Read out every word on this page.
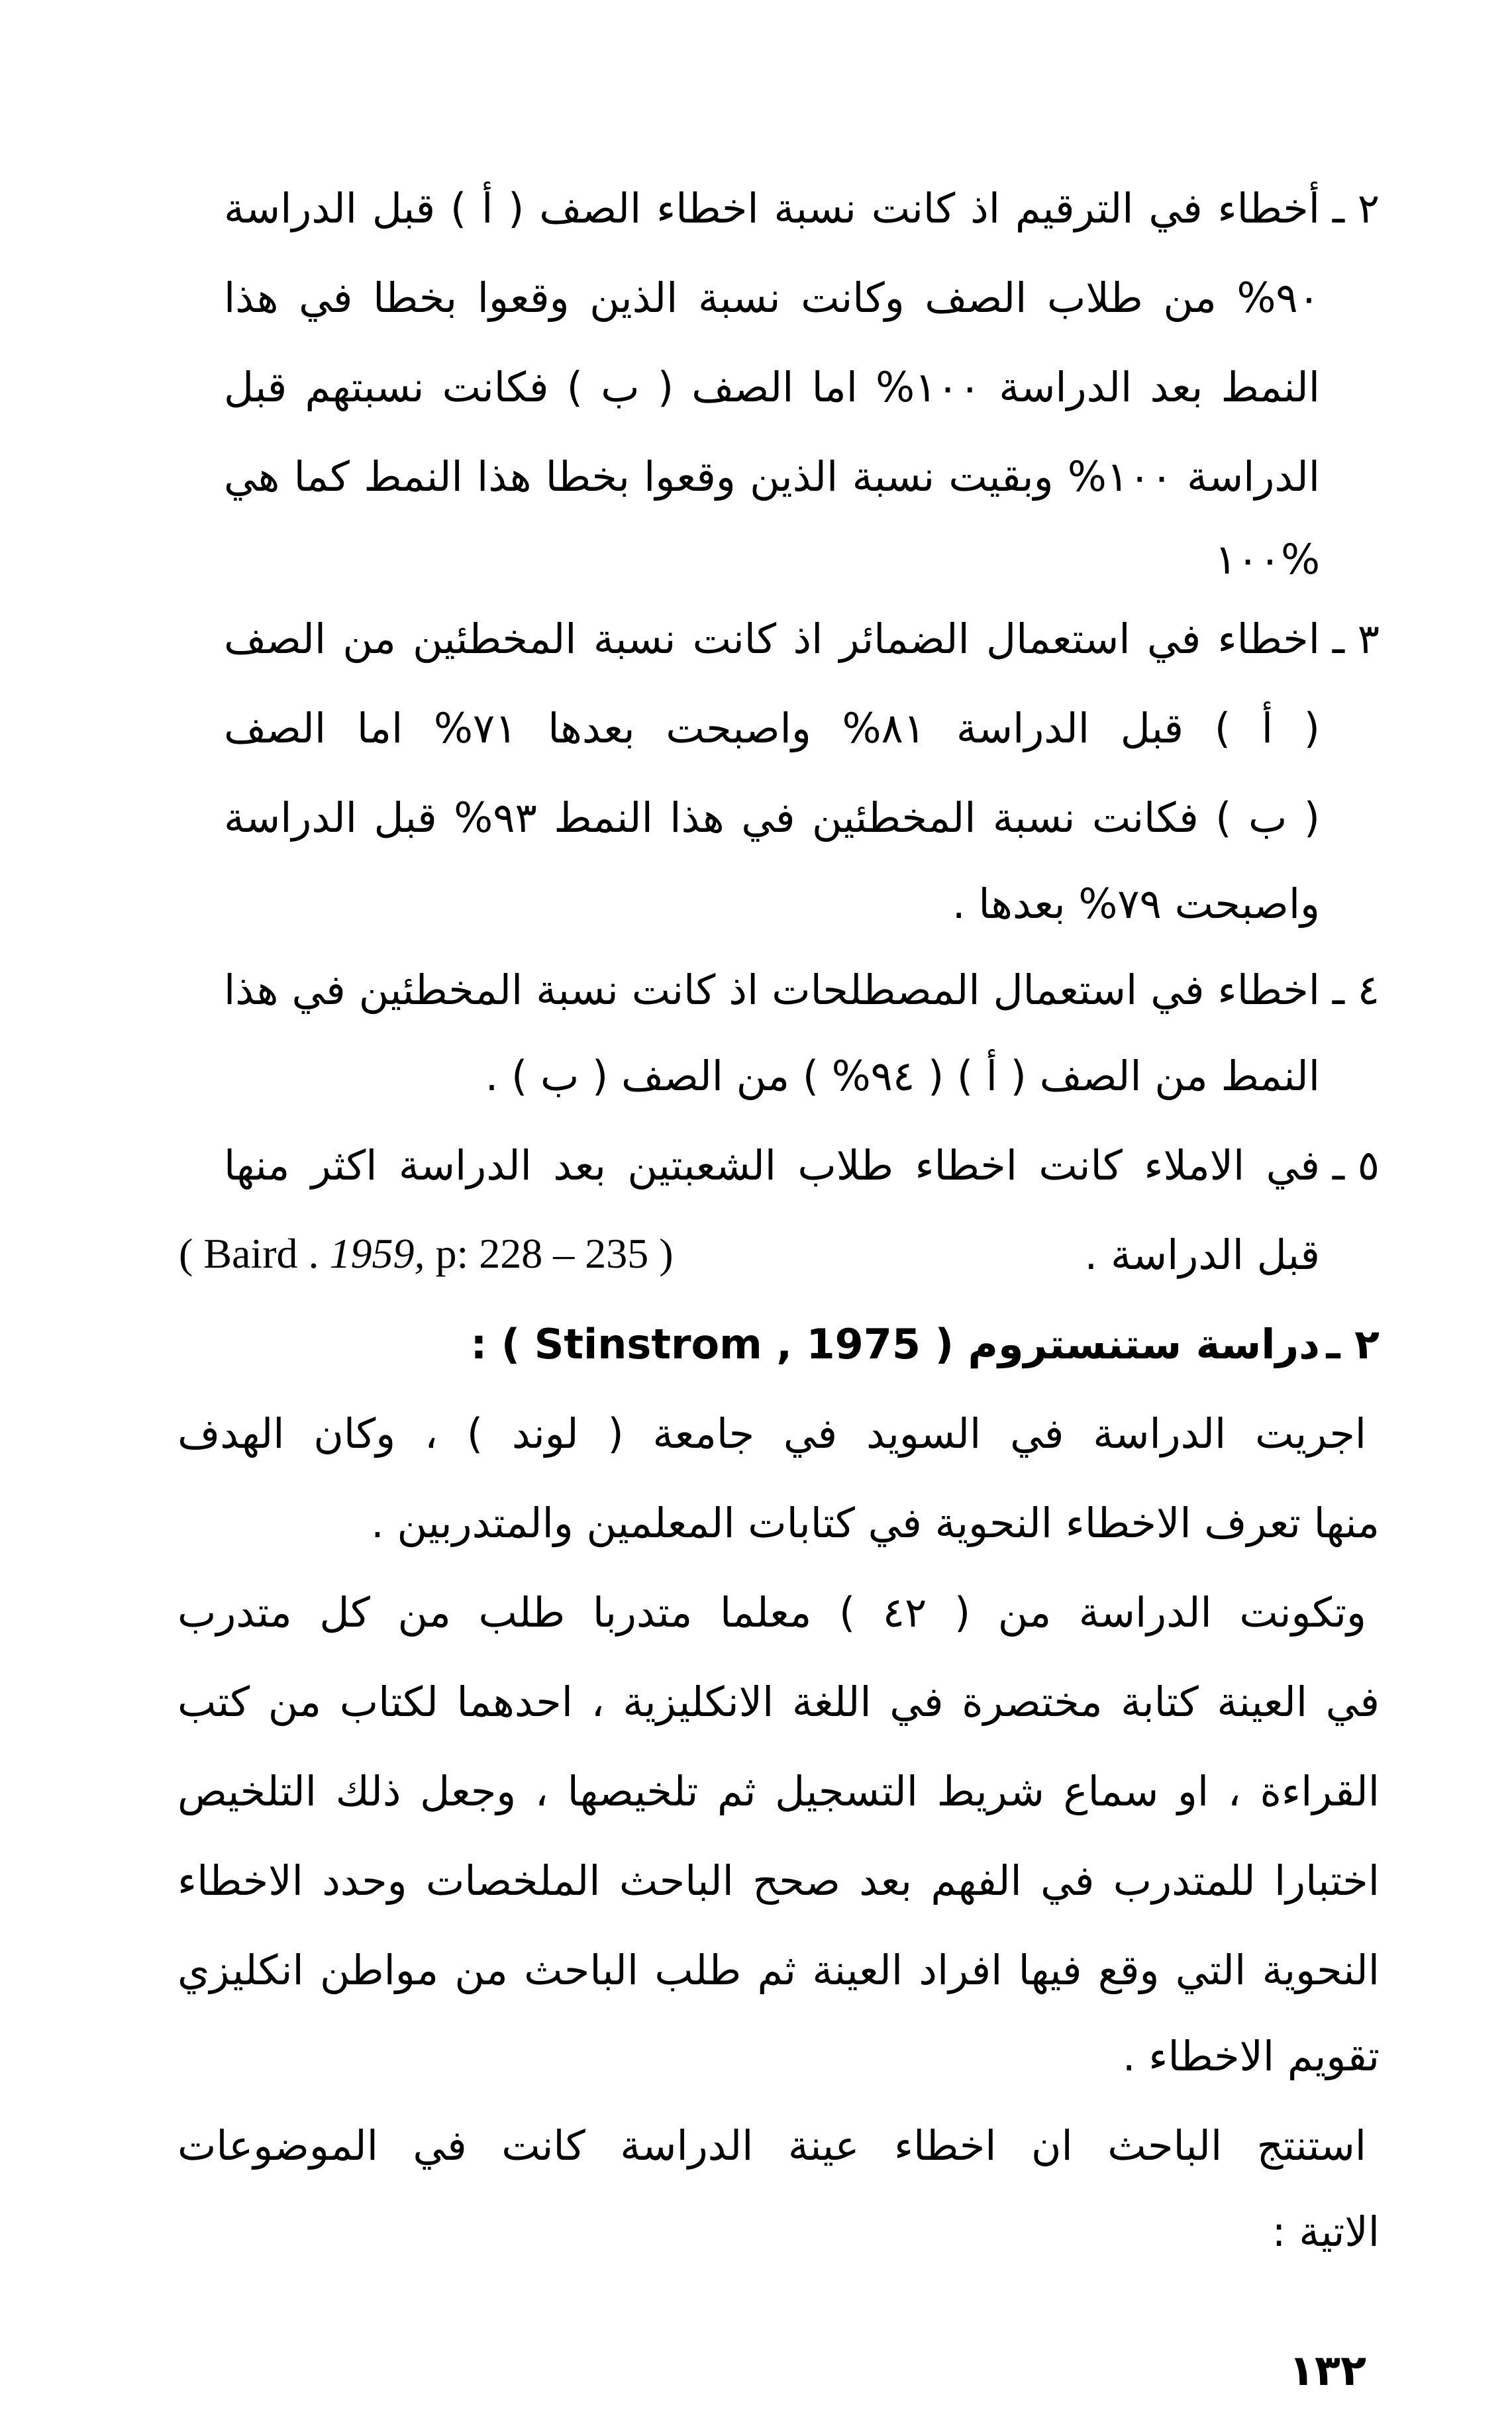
٢ ـ
أخطاء في الترقيم اذ كانت نسبة اخطاء الصف ( أ ) قبل الدراسة
٩٠% من طلاب الصف وكانت نسبة الذين وقعوا بخطا في هذا
النمط بعد الدراسة ١٠٠% اما الصف ( ب ) فكانت نسبتهم قبل
الدراسة ١٠٠% وبقيت نسبة الذين وقعوا بخطا هذا النمط كما هي
١٠٠%
٣ ـ
اخطاء في استعمال الضمائر اذ كانت نسبة المخطئين من الصف
( أ ) قبل الدراسة ٨١% واصبحت بعدها ٧١% اما الصف
( ب ) فكانت نسبة المخطئين في هذا النمط ٩٣% قبل الدراسة
واصبحت ٧٩% بعدها .
٤ ـ
اخطاء في استعمال المصطلحات اذ كانت نسبة المخطئين في هذا
النمط من الصف ( أ ) ( ٩٤% ) من الصف ( ب ) .
٥ ـ
في الاملاء كانت اخطاء طلاب الشعبتين بعد الدراسة اكثر منها
قبل الدراسة .
( Baird . 1959, p: 228 – 235 )
٢ ـ
دراسة ستنستروم ( Stinstrom , 1975 ) :
اجريت الدراسة في السويد في جامعة ( لوند ) ، وكان الهدف
منها تعرف الاخطاء النحوية في كتابات المعلمين والمتدربين .
وتكونت الدراسة من ( ٤٢ ) معلما متدربا طلب من كل متدرب
في العينة كتابة مختصرة في اللغة الانكليزية ، احدهما لكتاب من كتب
القراءة ، او سماع شريط التسجيل ثم تلخيصها ، وجعل ذلك التلخيص
اختبارا للمتدرب في الفهم بعد صحح الباحث الملخصات وحدد الاخطاء
النحوية التي وقع فيها افراد العينة ثم طلب الباحث من مواطن انكليزي
تقويم الاخطاء .
استنتج الباحث ان اخطاء عينة الدراسة كانت في الموضوعات
الاتية :
١٣٢
